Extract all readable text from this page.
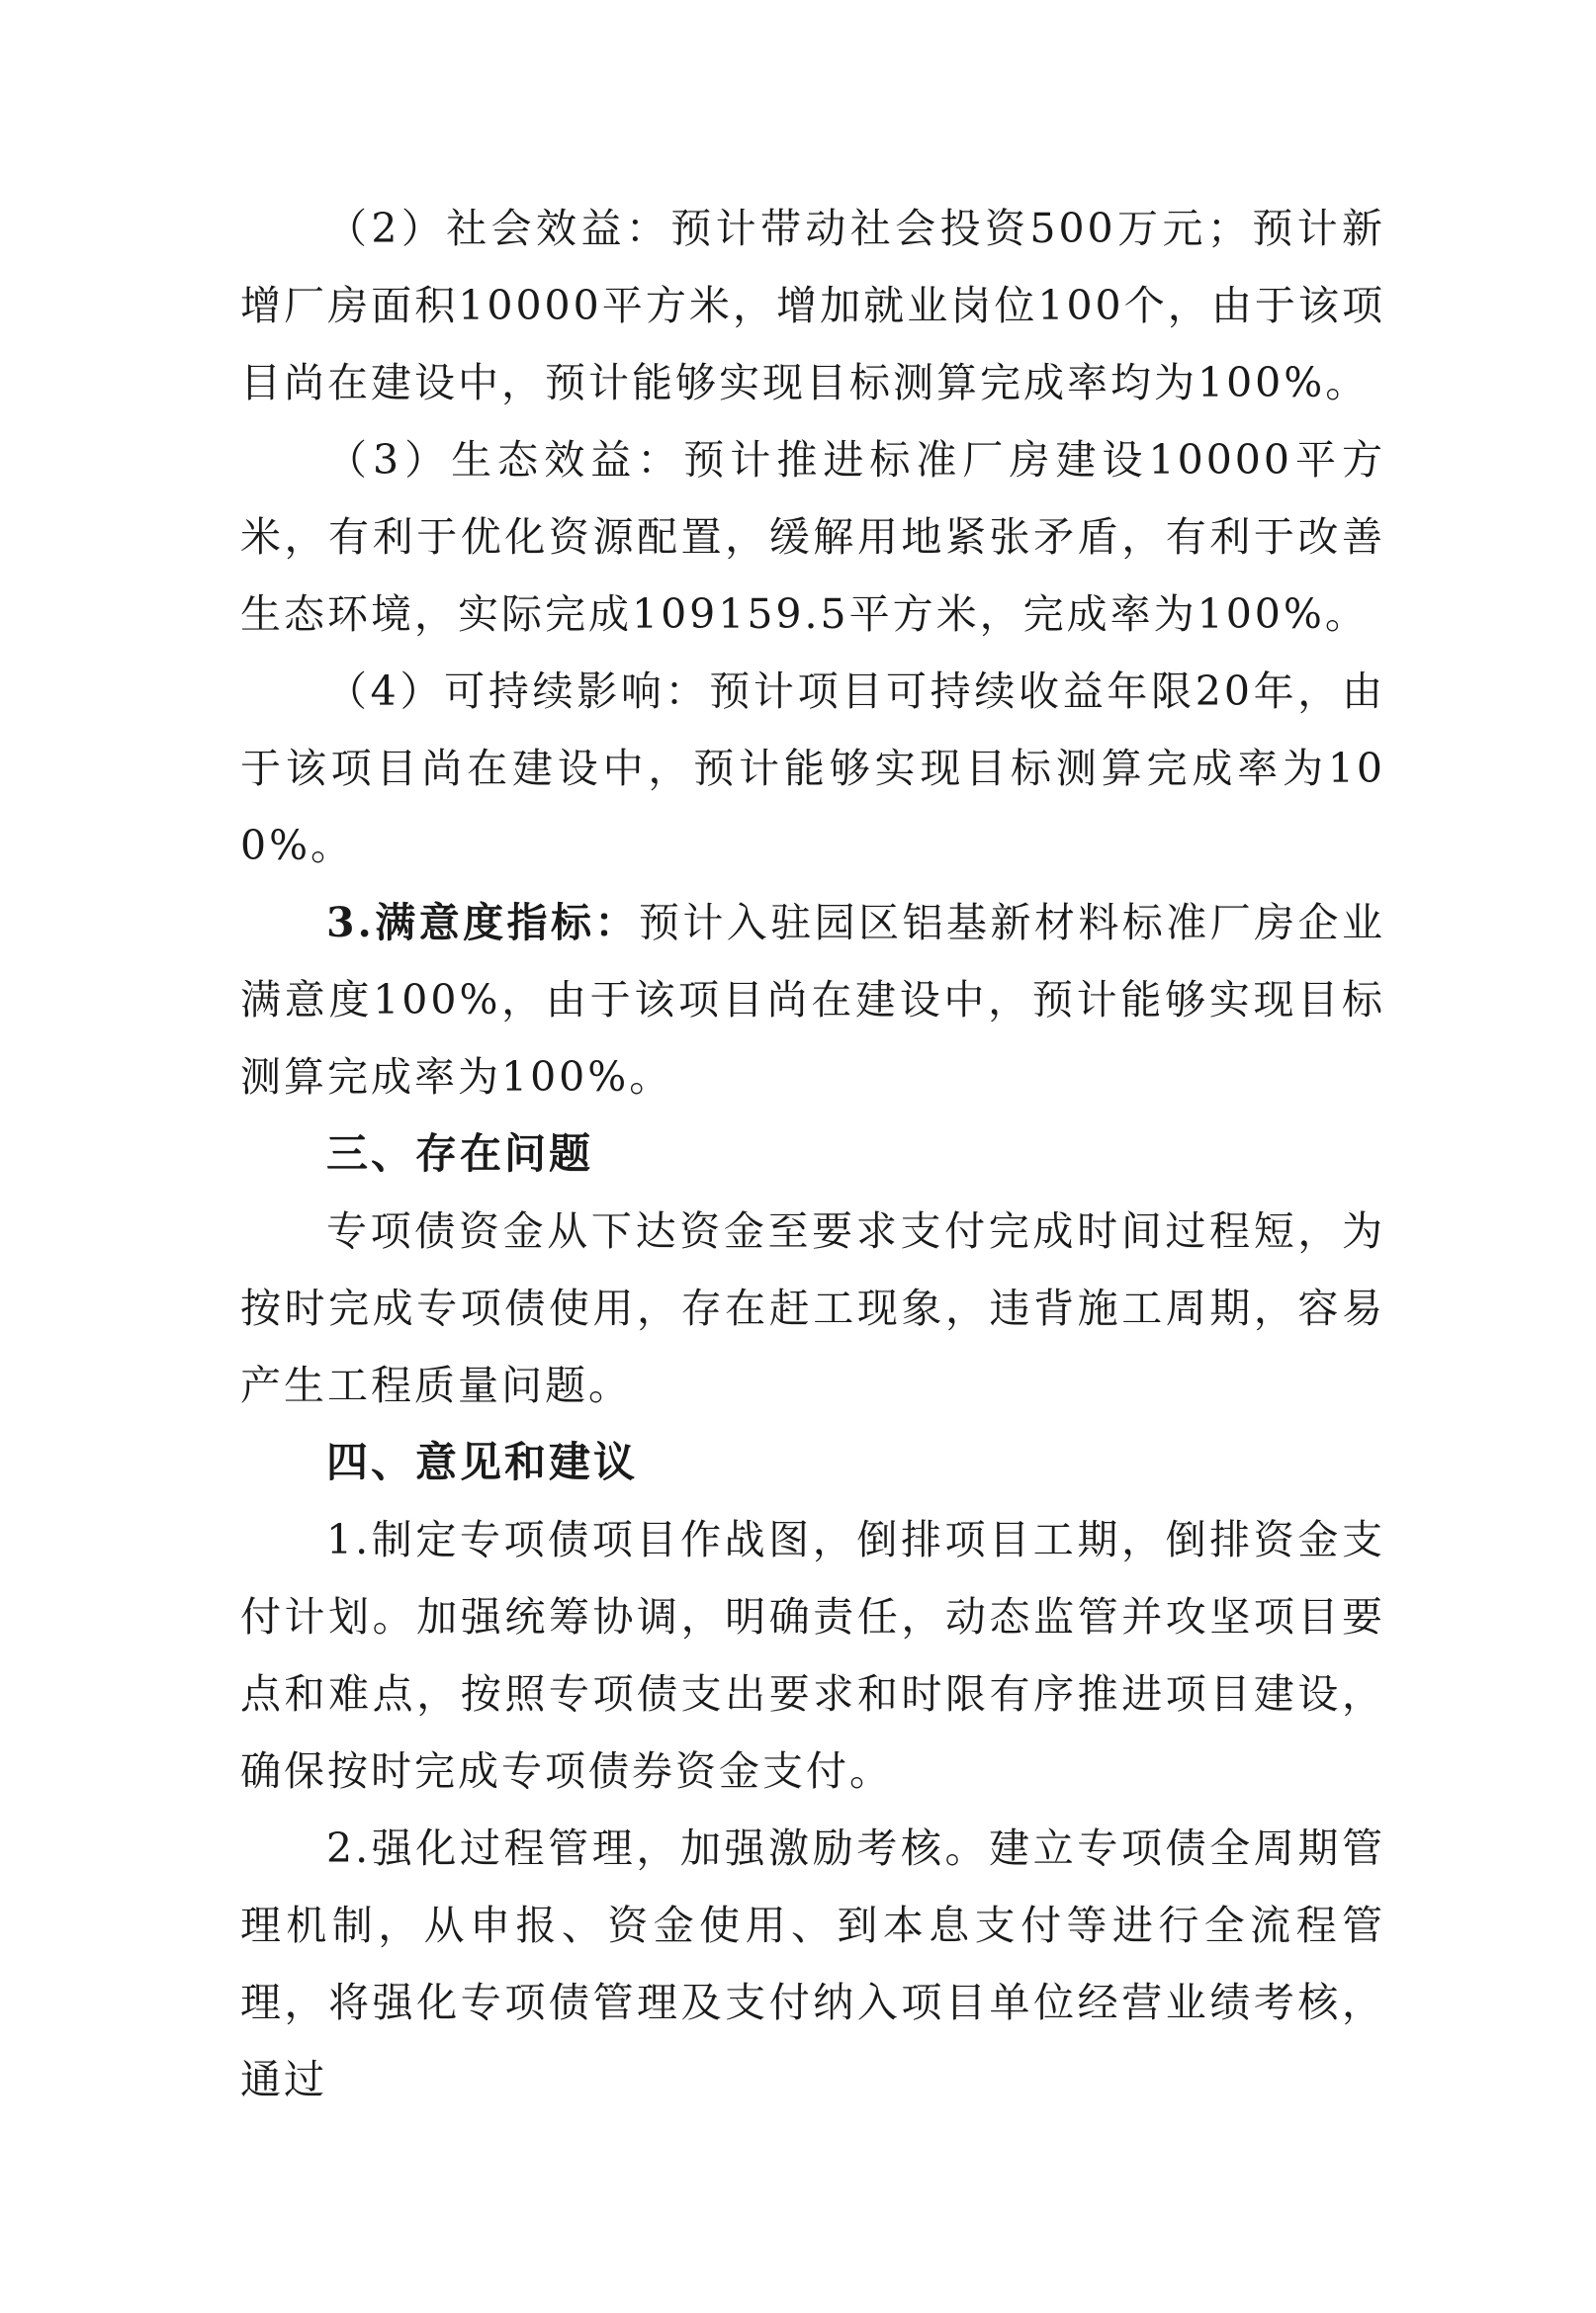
（2）社会效益：预计带动社会投资500万元；预计新增厂房面积10000平方米，增加就业岗位100个，由于该项目尚在建设中，预计能够实现目标测算完成率均为100%。

（3）生态效益：预计推进标准厂房建设10000平方米，有利于优化资源配置，缓解用地紧张矛盾，有利于改善生态环境，实际完成109159.5平方米，完成率为100%。

（4）可持续影响：预计项目可持续收益年限20年，由于该项目尚在建设中，预计能够实现目标测算完成率为100%。

3.满意度指标：预计入驻园区铝基新材料标准厂房企业满意度100%，由于该项目尚在建设中，预计能够实现目标测算完成率为100%。

三、存在问题

专项债资金从下达资金至要求支付完成时间过程短，为按时完成专项债使用，存在赶工现象，违背施工周期，容易产生工程质量问题。

四、意见和建议

1.制定专项债项目作战图，倒排项目工期，倒排资金支付计划。加强统筹协调，明确责任，动态监管并攻坚项目要点和难点，按照专项债支出要求和时限有序推进项目建设，确保按时完成专项债券资金支付。

2.强化过程管理，加强激励考核。建立专项债全周期管理机制，从申报、资金使用、到本息支付等进行全流程管理，将强化专项债管理及支付纳入项目单位经营业绩考核，通过
